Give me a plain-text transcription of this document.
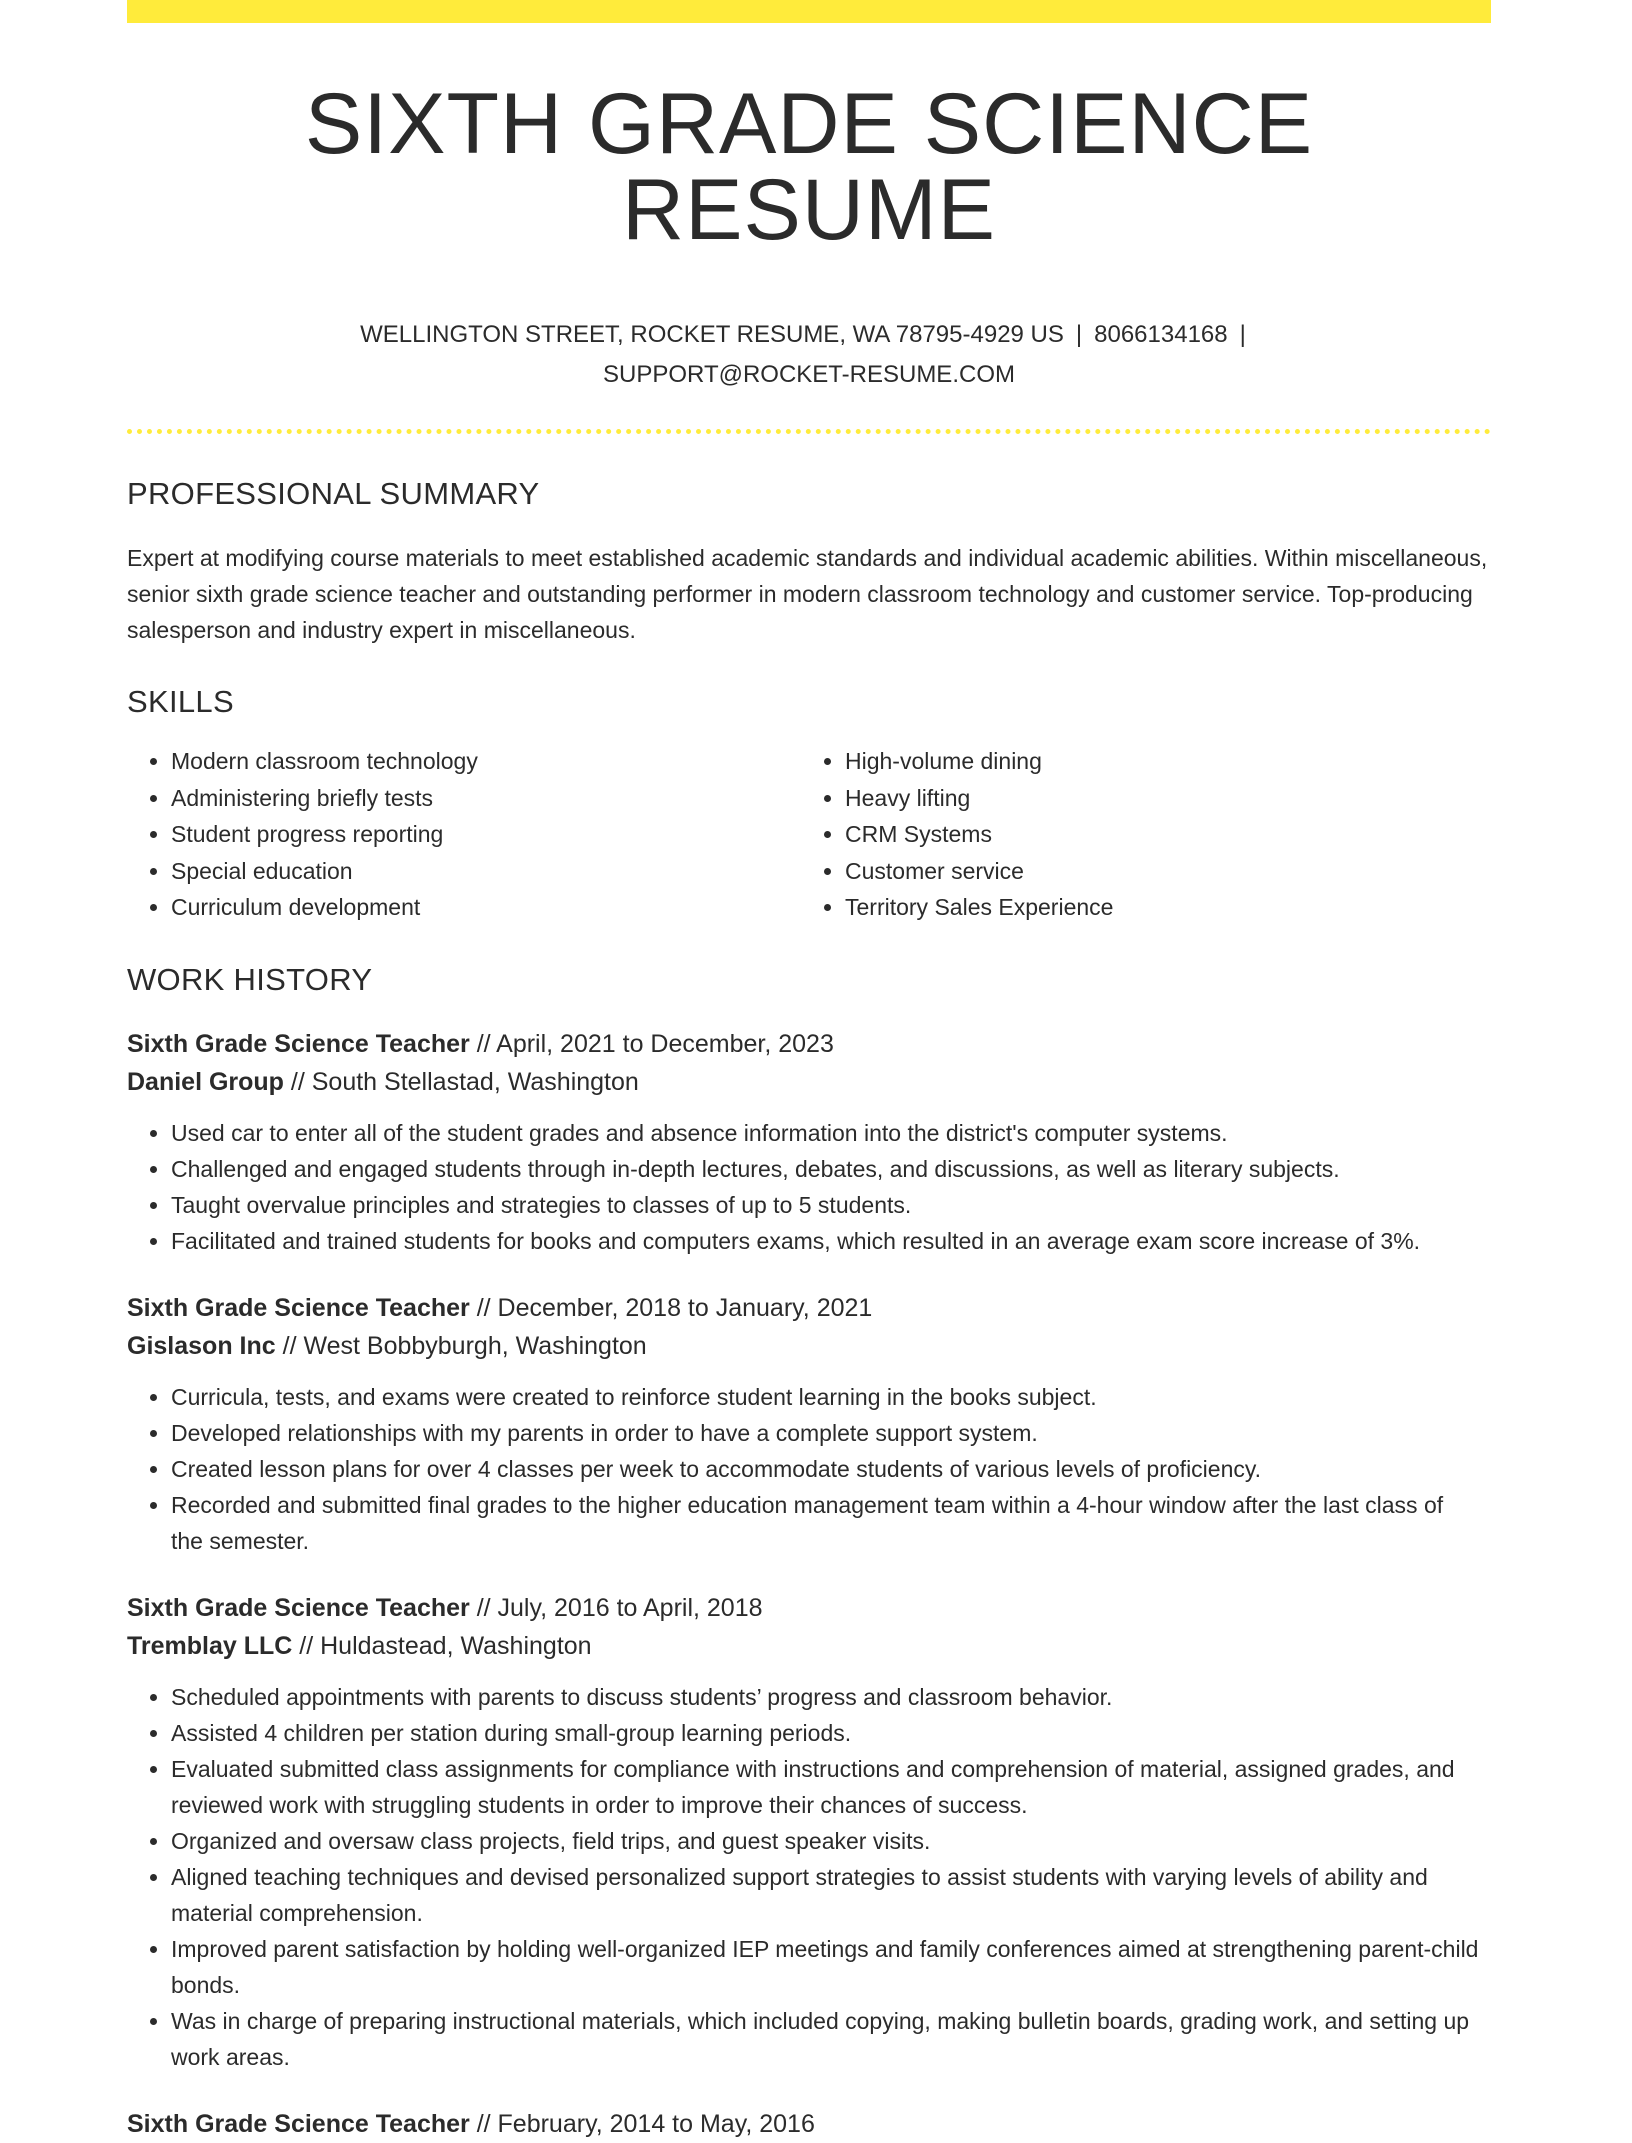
SIXTH GRADE SCIENCE RESUME
WELLINGTON STREET, ROCKET RESUME, WA 78795-4929 US | 8066134168 |
SUPPORT@ROCKET-RESUME.COM
PROFESSIONAL SUMMARY

Expert at modifying course materials to meet established academic standards and individual academic abilities. Within miscellaneous, senior sixth grade science teacher and outstanding performer in modern classroom technology and customer service. Top-producing salesperson and industry expert in miscellaneous.

SKILLS
• Modern classroom technology
• Administering briefly tests
• Student progress reporting
• Special education
• Curriculum development
• High-volume dining
• Heavy lifting
• CRM Systems
• Customer service
• Territory Sales Experience
WORK HISTORY
Sixth Grade Science Teacher // April, 2021 to December, 2023
Daniel Group // South Stellastad, Washington
• Used car to enter all of the student grades and absence information into the district's computer systems.
• Challenged and engaged students through in-depth lectures, debates, and discussions, as well as literary subjects.
• Taught overvalue principles and strategies to classes of up to 5 students.
• Facilitated and trained students for books and computers exams, which resulted in an average exam score increase of 3%.
Sixth Grade Science Teacher // December, 2018 to January, 2021
Gislason Inc // West Bobbyburgh, Washington
• Curricula, tests, and exams were created to reinforce student learning in the books subject.
• Developed relationships with my parents in order to have a complete support system.
• Created lesson plans for over 4 classes per week to accommodate students of various levels of proficiency.
• Recorded and submitted final grades to the higher education management team within a 4-hour window after the last class of the semester.
Sixth Grade Science Teacher // July, 2016 to April, 2018
Tremblay LLC // Huldastead, Washington
• Scheduled appointments with parents to discuss students’ progress and classroom behavior.
• Assisted 4 children per station during small-group learning periods.
• Evaluated submitted class assignments for compliance with instructions and comprehension of material, assigned grades, and reviewed work with struggling students in order to improve their chances of success.
• Organized and oversaw class projects, field trips, and guest speaker visits.
• Aligned teaching techniques and devised personalized support strategies to assist students with varying levels of ability and material comprehension.
• Improved parent satisfaction by holding well-organized IEP meetings and family conferences aimed at strengthening parent-child bonds.
• Was in charge of preparing instructional materials, which included copying, making bulletin boards, grading work, and setting up work areas.
Sixth Grade Science Teacher // February, 2014 to May, 2016
